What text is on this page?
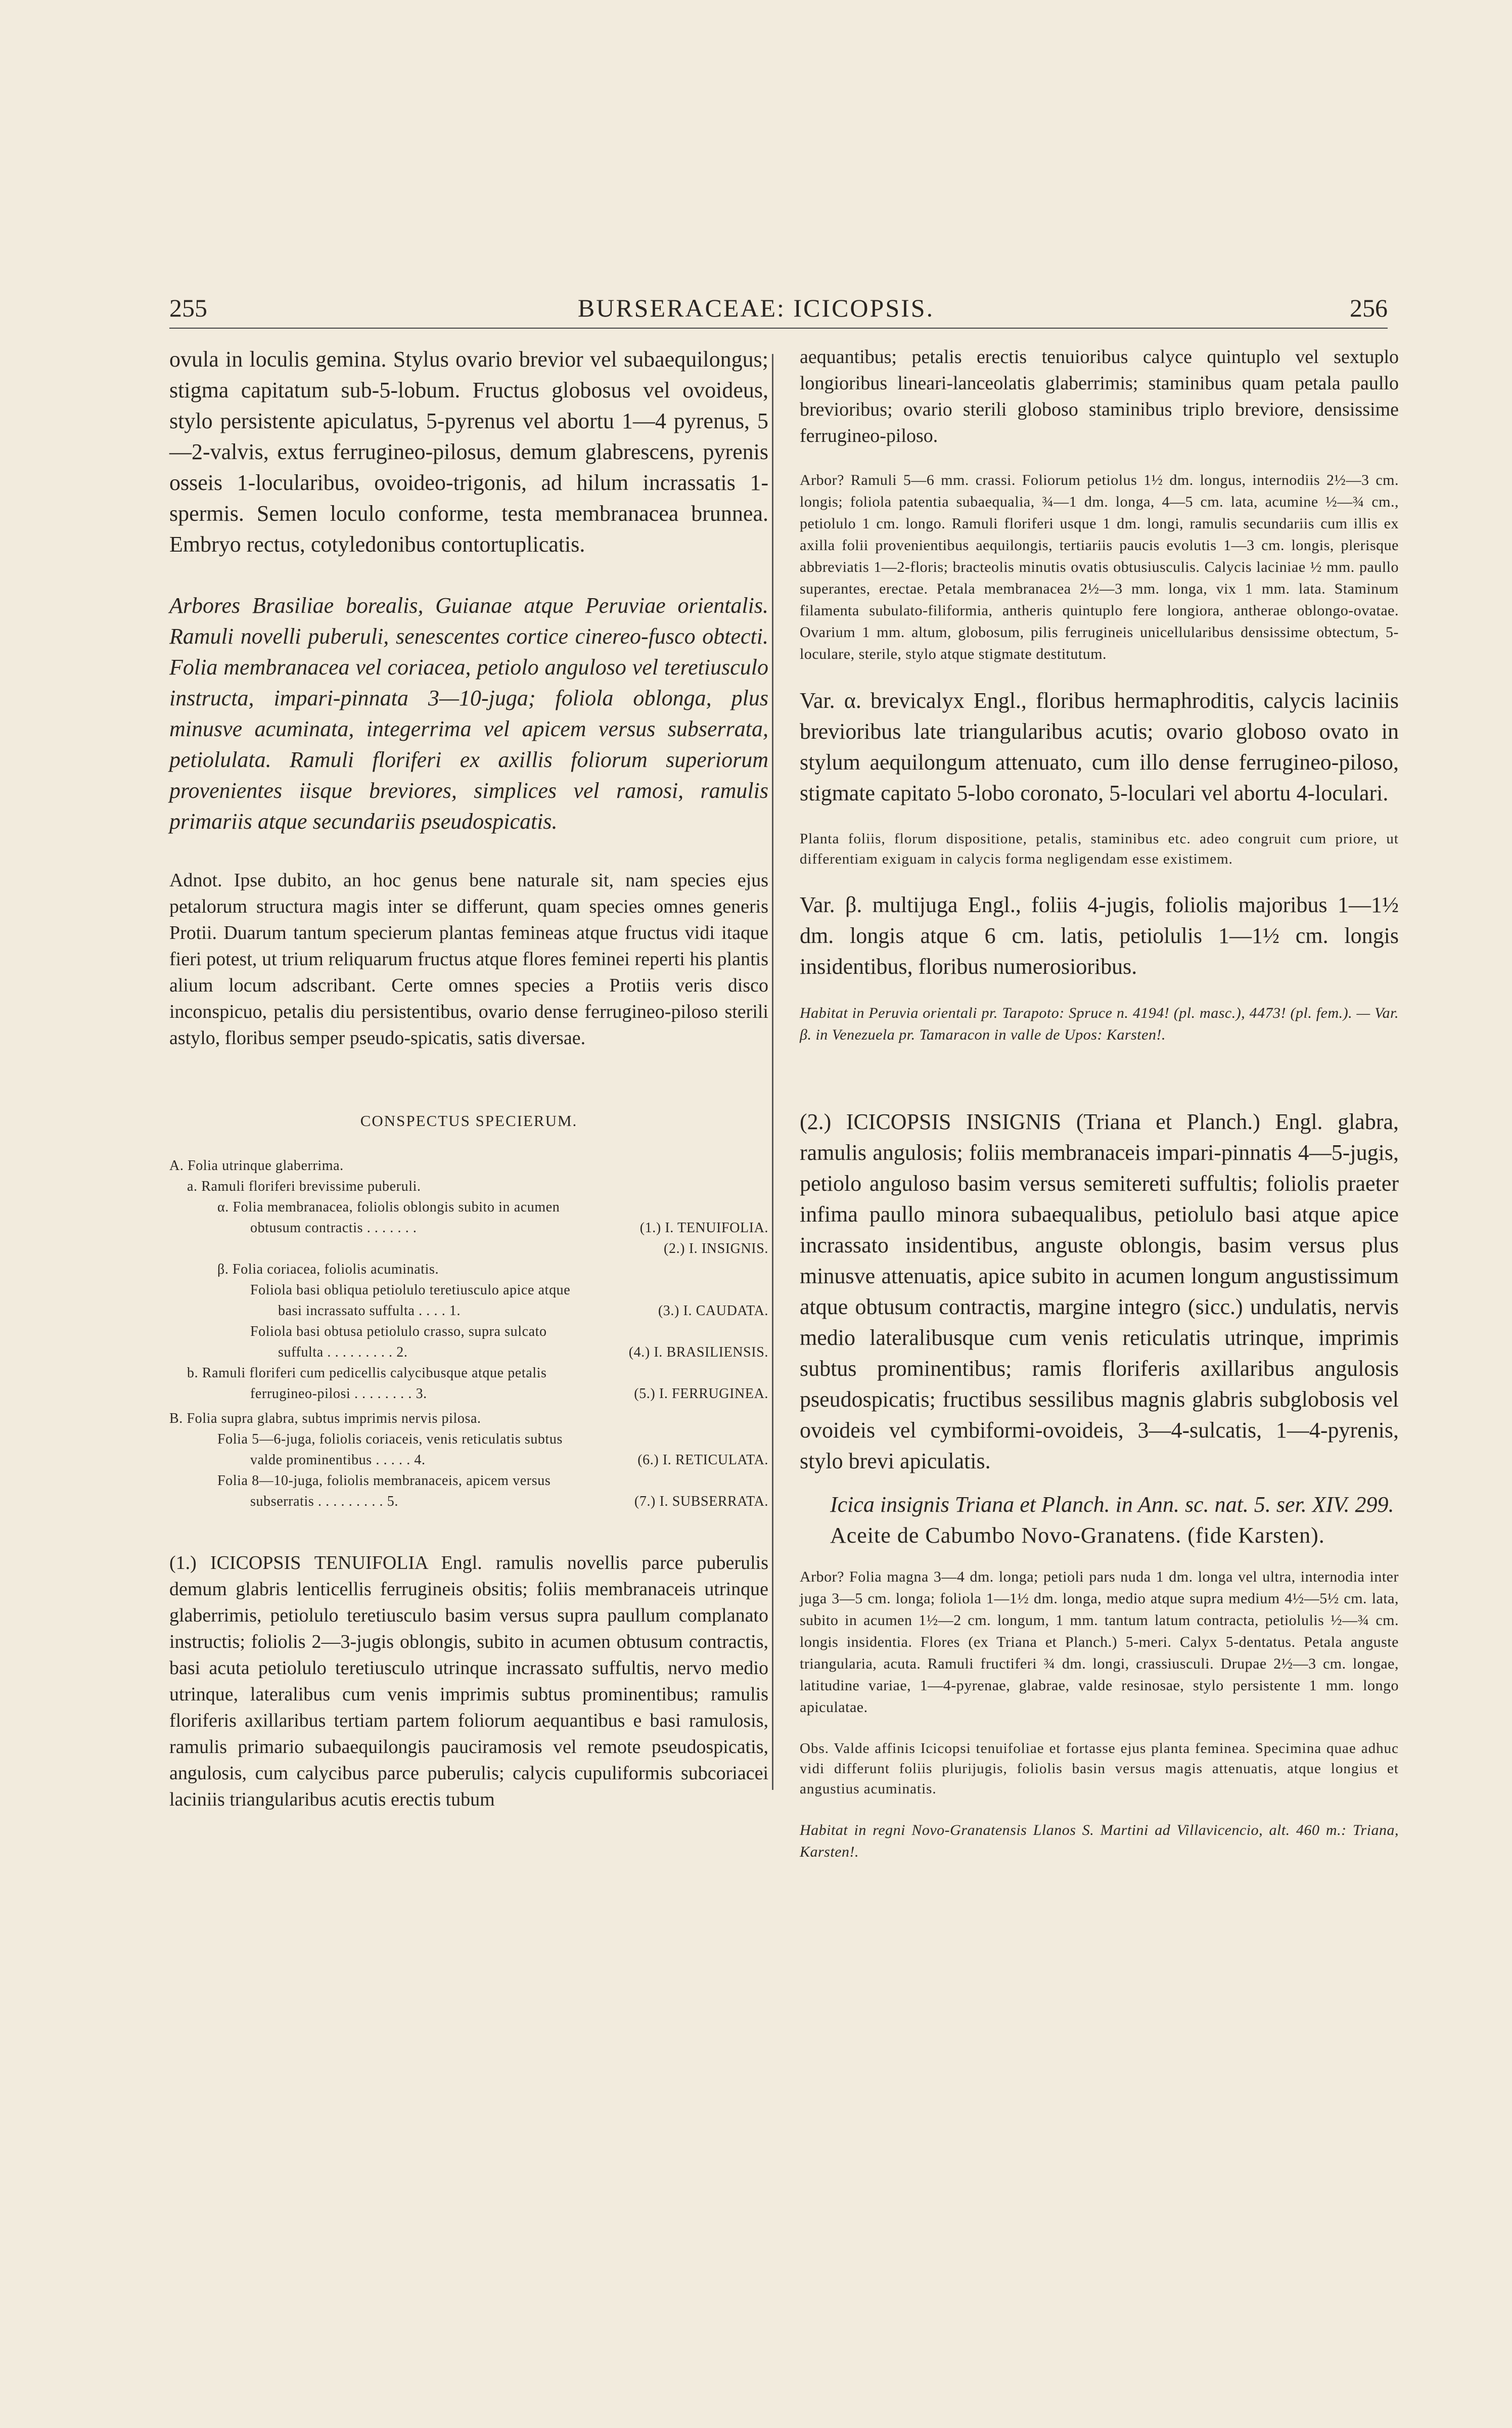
255	BURSERACEAE: ICICOPSIS.	256

ovula in loculis gemina. Stylus ovario brevior vel subaequilongus; stigma capitatum sub-5-lobum. Fructus globosus vel ovoideus, stylo persistente apiculatus, 5-pyrenus vel abortu 1—4 pyrenus, 5—2-valvis, extus ferrugineo-pilosus, demum glabrescens, pyrenis osseis 1-locularibus, ovoideo-trigonis, ad hilum incrassatis 1-spermis. Semen loculo conforme, testa membranacea brunnea. Embryo rectus, cotyledonibus contortuplicatis.

Arbores Brasiliae borealis, Guianae atque Peruviae orientalis. Ramuli novelli puberuli, senescentes cortice cinereo-fusco obtecti. Folia membranacea vel coriacea, petiolo anguloso vel teretiusculo instructa, impari-pinnata 3—10-juga; foliola oblonga, plus minusve acuminata, integerrima vel apicem versus subserrata, petiolulata. Ramuli floriferi ex axillis foliorum superiorum provenientes iisque breviores, simplices vel ramosi, ramulis primariis atque secundariis pseudospicatis.

Adnot. Ipse dubito, an hoc genus bene naturale sit, nam species ejus petalorum structura magis inter se differunt, quam species omnes generis Protii. Duarum tantum specierum plantas femineas atque fructus vidi itaque fieri potest, ut trium reliquarum fructus atque flores feminei reperti his plantis alium locum adscribant. Certe omnes species a Protiis veris disco inconspicuo, petalis diu persistentibus, ovario dense ferrugineo-piloso sterili astylo, floribus semper pseudo-spicatis, satis diversae.

CONSPECTUS SPECIERUM.
A. Folia utrinque glaberrima.
a. Ramuli floriferi brevissime puberuli.
α. Folia membranacea, foliolis oblongis subito in acumen
obtusum contractis . . . . . . .	(1.) I. TENUIFOLIA.
(2.) I. INSIGNIS.
β. Folia coriacea, foliolis acuminatis.
Foliola basi obliqua petiolulo teretiusculo apice atque
basi incrassato suffulta . . . . 1.	(3.) I. CAUDATA.
Foliola basi obtusa petiolulo crasso, supra sulcato
suffulta . . . . . . . . . 2.	(4.) I. BRASILIENSIS.
b. Ramuli floriferi cum pedicellis calycibusque atque petalis
ferrugineo-pilosi . . . . . . . . 3.	(5.) I. FERRUGINEA.
B. Folia supra glabra, subtus imprimis nervis pilosa.
Folia 5—6-juga, foliolis coriaceis, venis reticulatis subtus
valde prominentibus . . . . . 4.	(6.) I. RETICULATA.
Folia 8—10-juga, foliolis membranaceis, apicem versus
subserratis . . . . . . . . . 5.	(7.) I. SUBSERRATA.

(1.) ICICOPSIS TENUIFOLIA Engl. ramulis novellis parce puberulis demum glabris lenticellis ferrugineis obsitis; foliis membranaceis utrinque glaberrimis, petiolulo teretiusculo basim versus supra paullum complanato instructis; foliolis 2—3-jugis oblongis, subito in acumen obtusum contractis, basi acuta petiolulo teretiusculo utrinque incrassato suffultis, nervo medio utrinque, lateralibus cum venis imprimis subtus prominentibus; ramulis floriferis axillaribus tertiam partem foliorum aequantibus e basi ramulosis, ramulis primario subaequilongis pauciramosis vel remote pseudospicatis, angulosis, cum calycibus parce puberulis; calycis cupuliformis subcoriacei laciniis triangularibus acutis erectis tubum

aequantibus; petalis erectis tenuioribus calyce quintuplo vel sextuplo longioribus lineari-lanceolatis glaberrimis; staminibus quam petala paullo brevioribus; ovario sterili globoso staminibus triplo breviore, densissime ferrugineo-piloso.

Arbor? Ramuli 5—6 mm. crassi. Foliorum petiolus 1½ dm. longus, internodiis 2½—3 cm. longis; foliola patentia subaequalia, ¾—1 dm. longa, 4—5 cm. lata, acumine ½—¾ cm., petiolulo 1 cm. longo. Ramuli floriferi usque 1 dm. longi, ramulis secundariis cum illis ex axilla folii provenientibus aequilongis, tertiariis paucis evolutis 1—3 cm. longis, plerisque abbreviatis 1—2-floris; bracteolis minutis ovatis obtusiusculis. Calycis laciniae ½ mm. paullo superantes, erectae. Petala membranacea 2½—3 mm. longa, vix 1 mm. lata. Staminum filamenta subulato-filiformia, antheris quintuplo fere longiora, antherae oblongo-ovatae. Ovarium 1 mm. altum, globosum, pilis ferrugineis unicellularibus densissime obtectum, 5-loculare, sterile, stylo atque stigmate destitutum.

Var. α. brevicalyx Engl., floribus hermaphroditis, calycis laciniis brevioribus late triangularibus acutis; ovario globoso ovato in stylum aequilongum attenuato, cum illo dense ferrugineo-piloso, stigmate capitato 5-lobo coronato, 5-loculari vel abortu 4-loculari.

Planta foliis, florum dispositione, petalis, staminibus etc. adeo congruit cum priore, ut differentiam exiguam in calycis forma negligendam esse existimem.

Var. β. multijuga Engl., foliis 4-jugis, foliolis majoribus 1—1½ dm. longis atque 6 cm. latis, petiolulis 1—1½ cm. longis insidentibus, floribus numerosioribus.

Habitat in Peruvia orientali pr. Tarapoto: Spruce n. 4194! (pl. masc.), 4473! (pl. fem.). — Var. β. in Venezuela pr. Tamaracon in valle de Upos: Karsten!.

(2.) ICICOPSIS INSIGNIS (Triana et Planch.) Engl. glabra, ramulis angulosis; foliis membranaceis impari-pinnatis 4—5-jugis, petiolo anguloso basim versus semitereti suffultis; foliolis praeter infima paullo minora subaequalibus, petiolulo basi atque apice incrassato insidentibus, anguste oblongis, basim versus plus minusve attenuatis, apice subito in acumen longum angustissimum atque obtusum contractis, margine integro (sicc.) undulatis, nervis medio lateralibusque cum venis reticulatis utrinque, imprimis subtus prominentibus; ramis floriferis axillaribus angulosis pseudospicatis; fructibus sessilibus magnis glabris subglobosis vel ovoideis vel cymbiformi-ovoideis, 3—4-sulcatis, 1—4-pyrenis, stylo brevi apiculatis.

Icica insignis Triana et Planch. in Ann. sc. nat. 5. ser. XIV. 299.

Aceite de Cabumbo Novo-Granatens. (fide Karsten).

Arbor? Folia magna 3—4 dm. longa; petioli pars nuda 1 dm. longa vel ultra, internodia inter juga 3—5 cm. longa; foliola 1—1½ dm. longa, medio atque supra medium 4½—5½ cm. lata, subito in acumen 1½—2 cm. longum, 1 mm. tantum latum contracta, petiolulis ½—¾ cm. longis insidentia. Flores (ex Triana et Planch.) 5-meri. Calyx 5-dentatus. Petala anguste triangularia, acuta. Ramuli fructiferi ¾ dm. longi, crassiusculi. Drupae 2½—3 cm. longae, latitudine variae, 1—4-pyrenae, glabrae, valde resinosae, stylo persistente 1 mm. longo apiculatae.

Obs. Valde affinis Icicopsi tenuifoliae et fortasse ejus planta feminea. Specimina quae adhuc vidi differunt foliis plurijugis, foliolis basin versus magis attenuatis, atque longius et angustius acuminatis.

Habitat in regni Novo-Granatensis Llanos S. Martini ad Villavicencio, alt. 460 m.: Triana, Karsten!.
